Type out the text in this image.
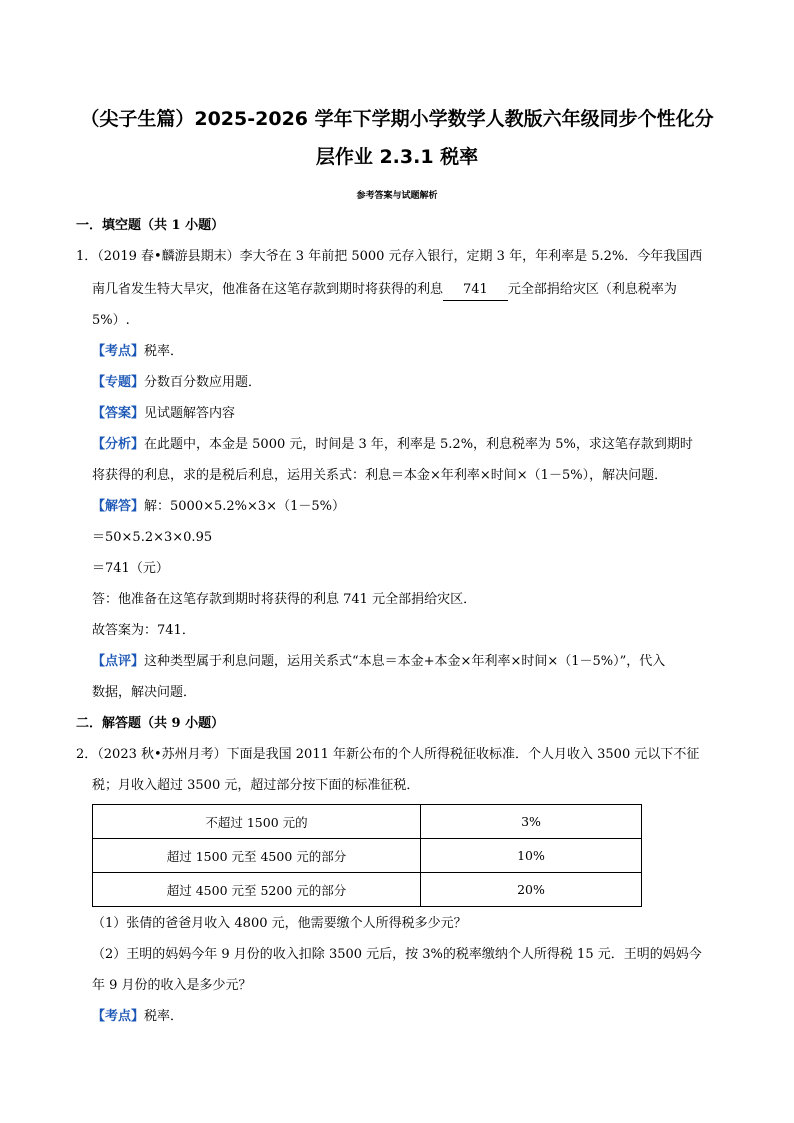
（尖子生篇）2025-2026 学年下学期小学数学人教版六年级同步个性化分
层作业 2.3.1 税率
参考答案与试题解析
一．填空题（共 1 小题）
1．（2019 春•麟游县期末）李大爷在 3 年前把 5000 元存入银行，定期 3 年，年利率是 5.2%．今年我国西
南几省发生特大旱灾，他准备在这笔存款到期时将获得的利息 741 元全部捐给灾区（利息税率为
5%）.
【考点】税率．
【专题】分数百分数应用题．
【答案】见试题解答内容
【分析】在此题中，本金是 5000 元，时间是 3 年，利率是 5.2%，利息税率为 5%，求这笔存款到期时
将获得的利息，求的是税后利息，运用关系式：利息＝本金×年利率×时间×（1－5%），解决问题．
【解答】解：5000×5.2%×3×（1－5%）
＝50×5.2×3×0.95
＝741（元）
答：他准备在这笔存款到期时将获得的利息 741 元全部捐给灾区．
故答案为：741．
【点评】这种类型属于利息问题，运用关系式“本息＝本金+本金×年利率×时间×（1－5%）”，代入
数据，解决问题．
二．解答题（共 9 小题）
2．（2023 秋•苏州月考）下面是我国 2011 年新公布的个人所得税征收标准．个人月收入 3500 元以下不征
税；月收入超过 3500 元，超过部分按下面的标准征税．
不超过 1500 元的	3%
超过 1500 元至 4500 元的部分	10%
超过 4500 元至 5200 元的部分	20%
（1）张倩的爸爸月收入 4800 元，他需要缴个人所得税多少元？
（2）王明的妈妈今年 9 月份的收入扣除 3500 元后，按 3%的税率缴纳个人所得税 15 元．王明的妈妈今
年 9 月份的收入是多少元？
【考点】税率．
